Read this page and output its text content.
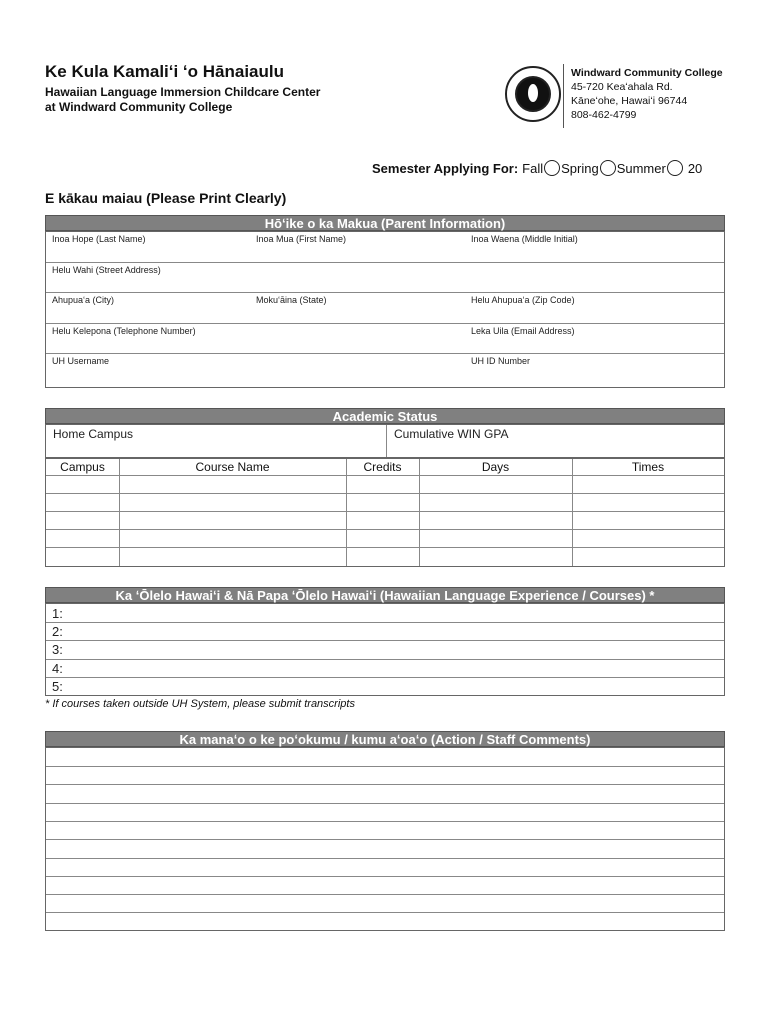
Ke Kula Kamaliʻi ʻo Hānaiaulu
Hawaiian Language Immersion Childcare Center
at Windward Community College
Windward Community College
45-720 Keaʻahala Rd.
Kāneʻohe, Hawaiʻi 96744
808-462-4799
Semester Applying For: Fall Spring Summer 20
E kākau maiau (Please Print Clearly)
Hōʻike o ka Makua (Parent Information)
Inoa Hope (Last Name)	Inoa Mua (First Name)	Inoa Waena (Middle Initial)
Helu Wahi (Street Address)
Ahupuaʻa (City)	Mokuʻāina (State)	Helu Ahupuaʻa (Zip Code)
Helu Kelepona (Telephone Number)	Leka Uila (Email Address)
UH Username	UH ID Number
Academic Status
Home Campus	Cumulative WIN GPA
Campus	Course Name	Credits	Days	Times
Ka ʻŌlelo Hawaiʻi & Nā Papa ʻŌlelo Hawaiʻi (Hawaiian Language Experience / Courses) *
1:
2:
3:
4:
5:
* If courses taken outside UH System, please submit transcripts
Ka manaʻo o ke poʻokumu / kumu aʻoaʻo (Action / Staff Comments)
